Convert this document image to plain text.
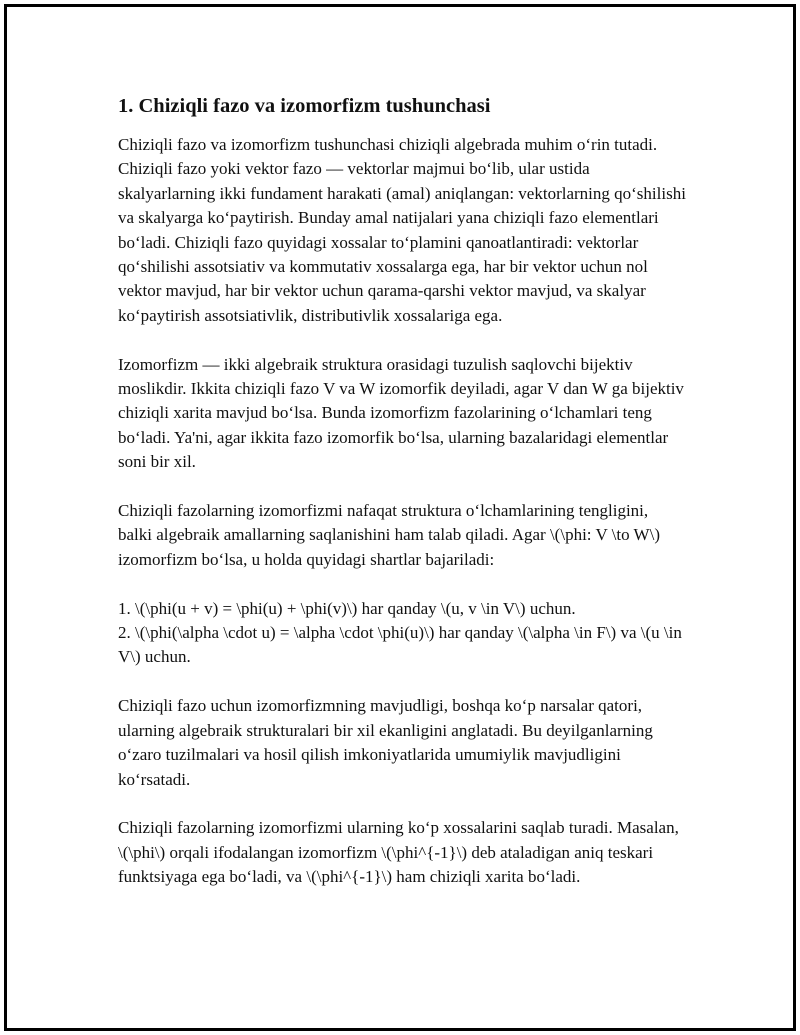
1. Chiziqli fazo va izomorfizm tushunchasi

Chiziqli fazo va izomorfizm tushunchasi chiziqli algebrada muhim o‘rin tutadi. Chiziqli fazo yoki vektor fazo — vektorlar majmui bo‘lib, ular ustida skalyarlarning ikki fundament harakati (amal) aniqlangan: vektorlarning qo‘shilishi va skalyarga ko‘paytirish. Bunday amal natijalari yana chiziqli fazo elementlari bo‘ladi. Chiziqli fazo quyidagi xossalar to‘plamini qanoatlantiradi: vektorlar qo‘shilishi assotsiativ va kommutativ xossalarga ega, har bir vektor uchun nol vektor mavjud, har bir vektor uchun qarama-qarshi vektor mavjud, va skalyar ko‘paytirish assotsiativlik, distributivlik xossalariga ega.

Izomorfizm — ikki algebraik struktura orasidagi tuzulish saqlovchi bijektiv moslikdir. Ikkita chiziqli fazo V va W izomorfik deyiladi, agar V dan W ga bijektiv chiziqli xarita mavjud bo‘lsa. Bunda izomorfizm fazolarining o‘lchamlari teng bo‘ladi. Ya'ni, agar ikkita fazo izomorfik bo‘lsa, ularning bazalaridagi elementlar soni bir xil.

Chiziqli fazolarning izomorfizmi nafaqat struktura o‘lchamlarining tengligini, balki algebraik amallarning saqlanishini ham talab qiladi. Agar \(\phi: V \to W\) izomorfizm bo‘lsa, u holda quyidagi shartlar bajariladi:

1. \(\phi(u + v) = \phi(u) + \phi(v)\) har qanday \(u, v \in V\) uchun.
2. \(\phi(\alpha \cdot u) = \alpha \cdot \phi(u)\) har qanday \(\alpha \in F\) va \(u \in V\) uchun.

Chiziqli fazo uchun izomorfizmning mavjudligi, boshqa ko‘p narsalar qatori, ularning algebraik strukturalari bir xil ekanligini anglatadi. Bu deyilganlarning o‘zaro tuzilmalari va hosil qilish imkoniyatlarida umumiylik mavjudligini ko‘rsatadi.

Chiziqli fazolarning izomorfizmi ularning ko‘p xossalarini saqlab turadi. Masalan, \(\phi\) orqali ifodalangan izomorfizm \(\phi^{-1}\) deb ataladigan aniq teskari funktsiyaga ega bo‘ladi, va \(\phi^{-1}\) ham chiziqli xarita bo‘ladi.
